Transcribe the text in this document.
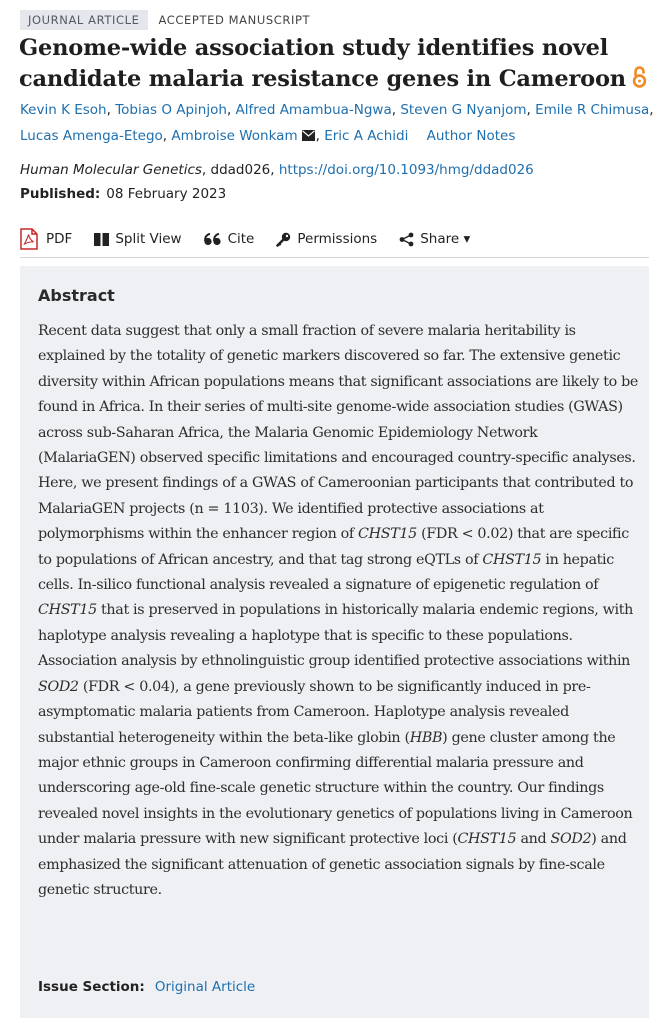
JOURNAL ARTICLE	ACCEPTED MANUSCRIPT
Genome-wide association study identifies novel candidate malaria resistance genes in Cameroon
Kevin K Esoh, Tobias O Apinjoh, Alfred Amambua-Ngwa, Steven G Nyanjom, Emile R Chimusa,
Lucas Amenga-Etego, Ambroise Wonkam , Eric A Achidi Author Notes
Human Molecular Genetics, ddad026, https://doi.org/10.1093/hmg/ddad026
Published: 08 February 2023
PDF	Split View	Cite	Permissions	Share ▾
Abstract

Recent data suggest that only a small fraction of severe malaria heritability is explained by the totality of genetic markers discovered so far. The extensive genetic diversity within African populations means that significant associations are likely to be found in Africa. In their series of multi-site genome-wide association studies (GWAS) across sub-Saharan Africa, the Malaria Genomic Epidemiology Network (MalariaGEN) observed specific limitations and encouraged country-specific analyses. Here, we present findings of a GWAS of Cameroonian participants that contributed to MalariaGEN projects (n = 1103). We identified protective associations at polymorphisms within the enhancer region of CHST15 (FDR < 0.02) that are specific to populations of African ancestry, and that tag strong eQTLs of CHST15 in hepatic cells. In-silico functional analysis revealed a signature of epigenetic regulation of CHST15 that is preserved in populations in historically malaria endemic regions, with haplotype analysis revealing a haplotype that is specific to these populations. Association analysis by ethnolinguistic group identified protective associations within SOD2 (FDR < 0.04), a gene previously shown to be significantly induced in pre-asymptomatic malaria patients from Cameroon. Haplotype analysis revealed substantial heterogeneity within the beta-like globin (HBB) gene cluster among the major ethnic groups in Cameroon confirming differential malaria pressure and underscoring age-old fine-scale genetic structure within the country. Our findings revealed novel insights in the evolutionary genetics of populations living in Cameroon under malaria pressure with new significant protective loci (CHST15 and SOD2) and emphasized the significant attenuation of genetic association signals by fine-scale genetic structure.

Issue Section: Original Article
